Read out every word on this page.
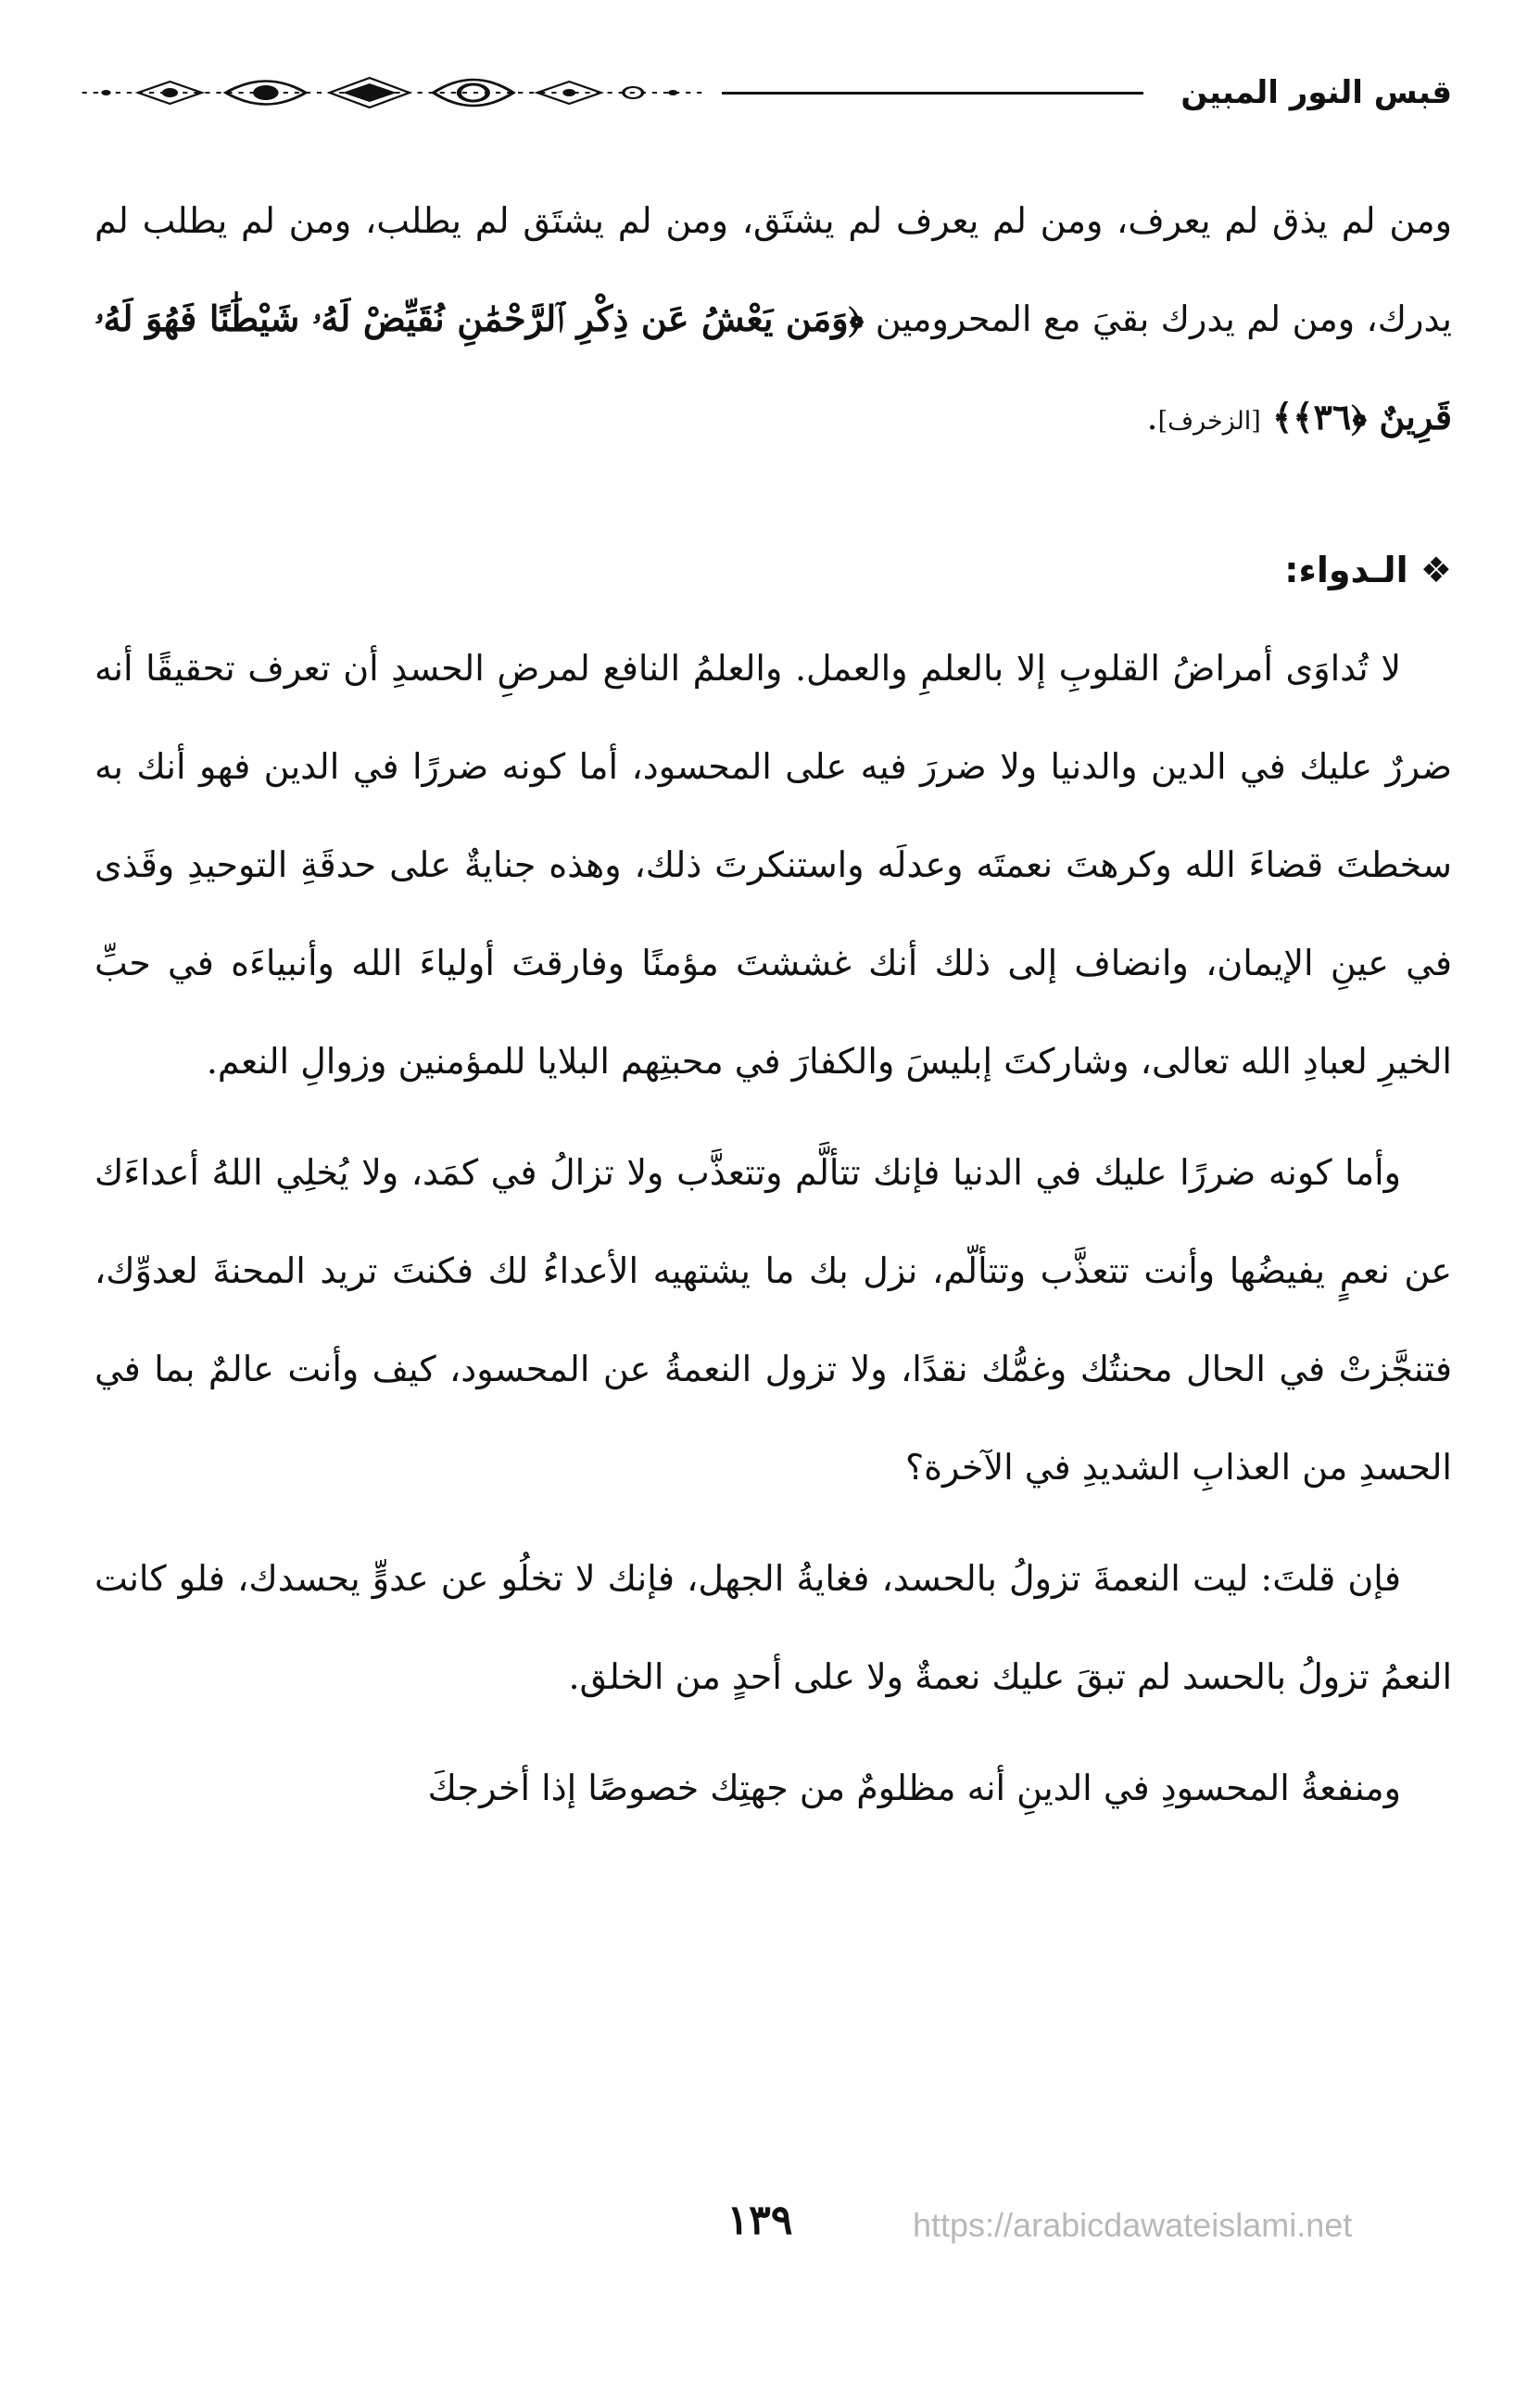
قبس النور المبين

ومن لم يذق لم يعرف، ومن لم يعرف لم يشتَق، ومن لم يشتَق لم يطلب، ومن لم يطلب لم يدرك، ومن لم يدرك بقيَ مع المحرومين ﴿وَمَن يَعْشُ عَن ذِكْرِ ٱلرَّحْمَٰنِ نُقَيِّضْ لَهُۥ شَيْطَٰنًا فَهُوَ لَهُۥ قَرِينٌ ﴿٣٦﴾﴾ [الزخرف].

❖ الـدواء:

لا تُداوَى أمراضُ القلوبِ إلا بالعلمِ والعمل. والعلمُ النافع لمرضِ الحسدِ أن تعرف تحقيقًا أنه ضررٌ عليك في الدين والدنيا ولا ضررَ فيه على المحسود، أما كونه ضررًا في الدين فهو أنك به سخطتَ قضاءَ الله وكرهتَ نعمتَه وعدلَه واستنكرتَ ذلك، وهذه جنايةٌ على حدقَةِ التوحيدِ وقَذى في عينِ الإيمان، وانضاف إلى ذلك أنك غششتَ مؤمنًا وفارقتَ أولياءَ الله وأنبياءَه في حبِّ الخيرِ لعبادِ الله تعالى، وشاركتَ إبليسَ والكفارَ في محبتِهم البلايا للمؤمنين وزوالِ النعم.

وأما كونه ضررًا عليك في الدنيا فإنك تتألَّم وتتعذَّب ولا تزالُ في كمَد، ولا يُخلِي اللهُ أعداءَك عن نعمٍ يفيضُها وأنت تتعذَّب وتتألّم، نزل بك ما يشتهيه الأعداءُ لك فكنتَ تريد المحنةَ لعدوِّك، فتنجَّزتْ في الحال محنتُك وغمُّك نقدًا، ولا تزول النعمةُ عن المحسود، كيف وأنت عالمٌ بما في الحسدِ من العذابِ الشديدِ في الآخرة؟

فإن قلتَ: ليت النعمةَ تزولُ بالحسد، فغايةُ الجهل، فإنك لا تخلُو عن عدوٍّ يحسدك، فلو كانت النعمُ تزولُ بالحسد لم تبقَ عليك نعمةٌ ولا على أحدٍ من الخلق.

ومنفعةُ المحسودِ في الدينِ أنه مظلومٌ من جهتِك خصوصًا إذا أخرجكَ

١٣٩	https://arabicdawateislami.net
